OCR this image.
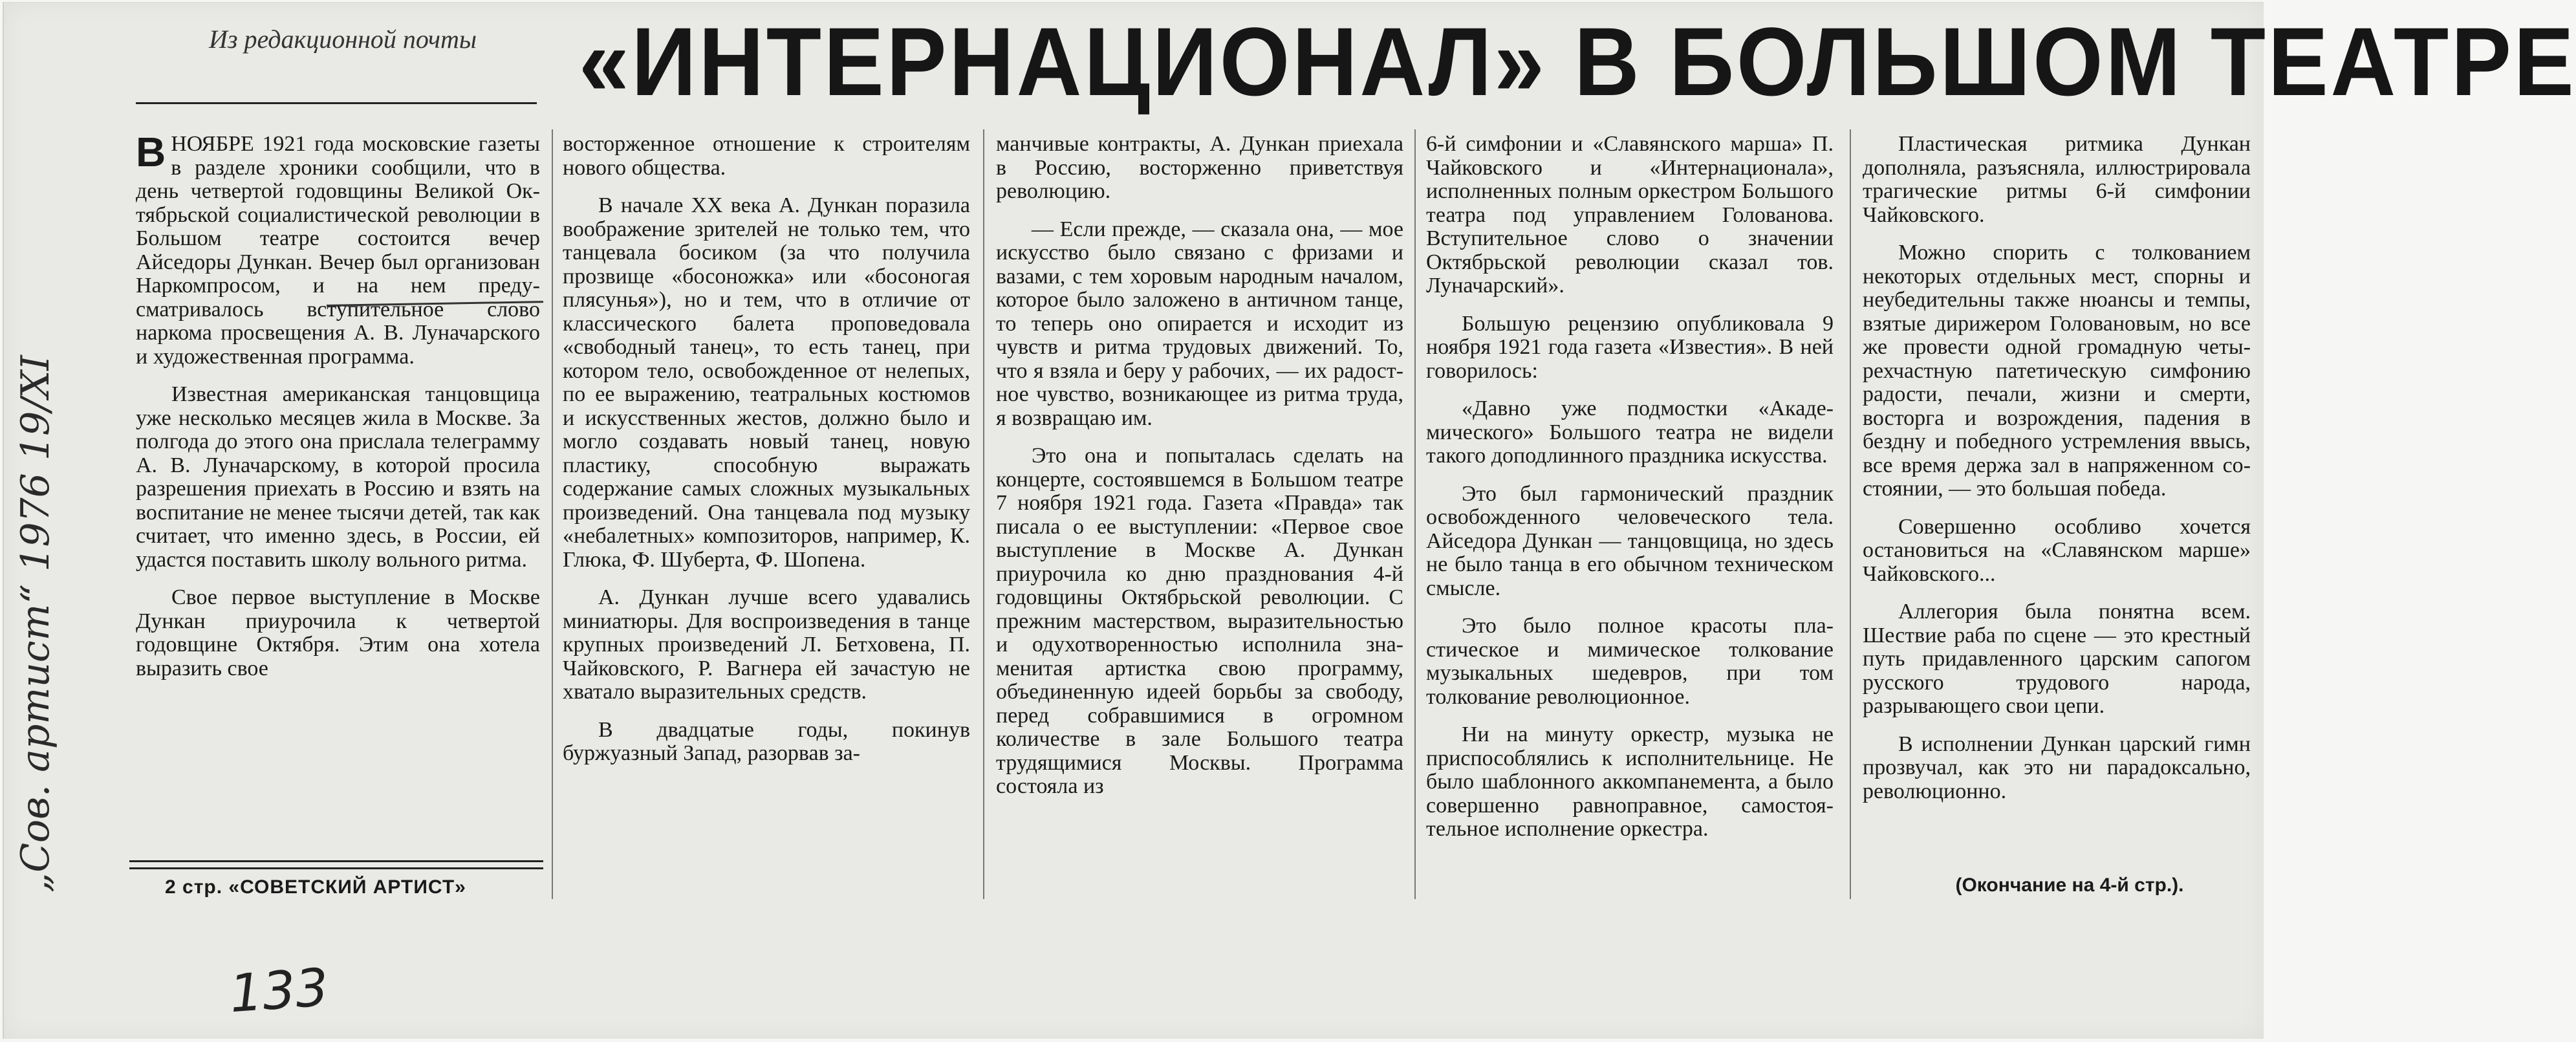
Из редакционной почты	«ИНТЕРНАЦИОНАЛ» В БОЛЬШОМ ТЕАТРЕ
133

ВНОЯБРЕ 1921 года московские газеты в разделе хроники сообщили, что в день четвертой годовщины Великой Октябрьской социалистической революции в Большом театре состоится вечер Айседоры Дункан. Вечер был организован Наркомпросом, и на нем предусматривалось вступительное слово наркома просвещения А. В. Луначарского и художественная программа.

Известная американская танцовщица уже несколько месяцев жила в Москве. За полгода до этого она прислала телеграмму А. В. Луначарскому, в которой просила разрешения приехать в Россию и взять на воспитание не менее тысячи детей, так как считает, что именно здесь, в России, ей удастся поставить школу вольного ритма.

Свое первое выступление в Москве Дункан приурочила к четвертой годовщине Октября. Этим она хотела выразить свое

восторженное отношение к строителям нового общества.

В начале XX века А. Дункан поразила воображение зрителей не только тем, что танцевала босиком (за что получила прозвище «босоножка» или «босоногая плясунья»), но и тем, что в отличие от классического балета проповедовала «свободный танец», то есть танец, при котором тело, освобожденное от нелепых, по ее выражению, театральных костюмов и искусственных жестов, должно было и могло создавать новый танец, новую пластику, способную выражать содержание самых сложных музыкальных произведений. Она танцевала под музыку «небалетных» композиторов, например, К. Глюка, Ф. Шуберта, Ф. Шопена.

А. Дункан лучше всего удавались миниатюры. Для воспроизведения в танце крупных произведений Л. Бетховена, П. Чайковского, Р. Вагнера ей зачастую не хватало выразительных средств.

В двадцатые годы, покинув буржуазный Запад, разорвав за-

манчивые контракты, А. Дункан приехала в Россию, восторженно приветствуя революцию.

— Если прежде, — сказала она, — мое искусство было связано с фризами и вазами, с тем хоровым народным началом, которое было заложено в античном танце, то теперь оно опирается и исходит из чувств и ритма трудовых движений. То, что я взяла и беру у рабочих, — их радостное чувство, возникающее из ритма труда, я возвращаю им.

Это она и попыталась сделать на концерте, состоявшемся в Большом театре 7 ноября 1921 года. Газета «Правда» так писала о ее выступлении: «Первое свое выступление в Москве А. Дункан приурочила ко дню празднования 4-й годовщины Октябрьской революции. С прежним мастерством, выразительностью и одухотворенностью исполнила знаменитая артистка свою программу, объединенную идеей борьбы за свободу, перед собравшимися в огромном количестве в зале Большого театра трудящимися Москвы. Программа состояла из

6-й симфонии и «Славянского марша» П. Чайковского и «Интернационала», исполненных полным оркестром Большого театра под управлением Голованова. Вступительное слово о значении Октябрьской революции сказал тов. Луначарский».

Большую рецензию опубликовала 9 ноября 1921 года газета «Известия». В ней говорилось:

«Давно уже подмостки «Академического» Большого театра не видели такого доподлинного праздника искусства.

Это был гармонический праздник освобожденного человеческого тела. Айседора Дункан — танцовщица, но здесь не было танца в его обычном техническом смысле.

Это было полное красоты пластическое и мимическое толкование музыкальных шедевров, при том толкование революционное.

Ни на минуту оркестр, музыка не приспособлялись к исполнительнице. Не было шаблонного аккомпанемента, а было совершенно равноправное, самостоятельное исполнение оркестра.

Пластическая ритмика Дункан дополняла, разъясняла, иллюстрировала трагические ритмы 6-й симфонии Чайковского.

Можно спорить с толкованием некоторых отдельных мест, спорны и неубедительны также нюансы и темпы, взятые дирижером Головановым, но все же провести одной громадную четырехчастную патетическую симфонию радости, печали, жизни и смерти, восторга и возрождения, падения в бездну и победного устремления ввысь, все время держа зал в напряженном состоянии, — это большая победа.

Совершенно особливо хочется остановиться на «Славянском марше» Чайковского...

Аллегория была понятна всем. Шествие раба по сцене — это крестный путь придавленного царским сапогом русского трудового народа, разрывающего свои цепи.

В исполнении Дункан царский гимн прозвучал, как это ни парадоксально, революционно.

2 стр. «СОВЕТСКИЙ АРТИСТ»	(Окончание на 4-й стр.).
